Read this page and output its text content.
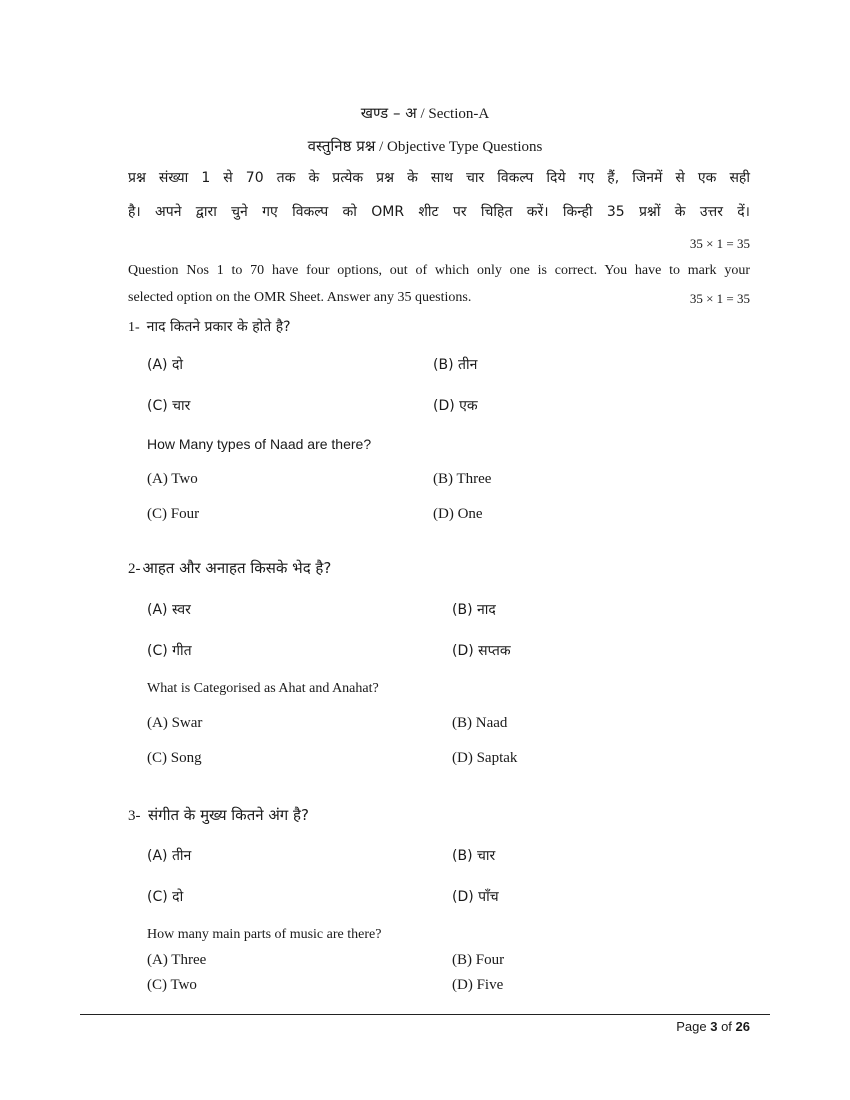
खण्ड – अ / Section-A
वस्तुनिष्ठ प्रश्न / Objective Type Questions
प्रश्न संख्या 1 से 70 तक के प्रत्येक प्रश्न के साथ चार विकल्प दिये गए हैं, जिनमें से एक सही
है। अपने द्वारा चुने गए विकल्प को OMR शीट पर चिहित करें। किन्ही 35 प्रश्नों के उत्तर दें।
35 × 1 = 35
Question Nos 1 to 70 have four options, out of which only one is correct. You have to mark your
selected option on the OMR Sheet. Answer any 35 questions.	35 × 1 = 35
1- नाद कितने प्रकार के होते है?
(A) दो	(B) तीन
(C) चार	(D) एक
How Many types of Naad are there?
(A) Two	(B) Three
(C) Four	(D) One
2- आहत और अनाहत किसके भेद है?
(A) स्वर	(B) नाद
(C) गीत	(D) सप्तक
What is Categorised as Ahat and Anahat?
(A) Swar	(B) Naad
(C) Song	(D) Saptak
3- संगीत के मुख्य कितने अंग है?
(A) तीन	(B) चार
(C) दो	(D) पाँच
How many main parts of music are there?
(A) Three	(B) Four
(C) Two	(D) Five
Page 3 of 26
